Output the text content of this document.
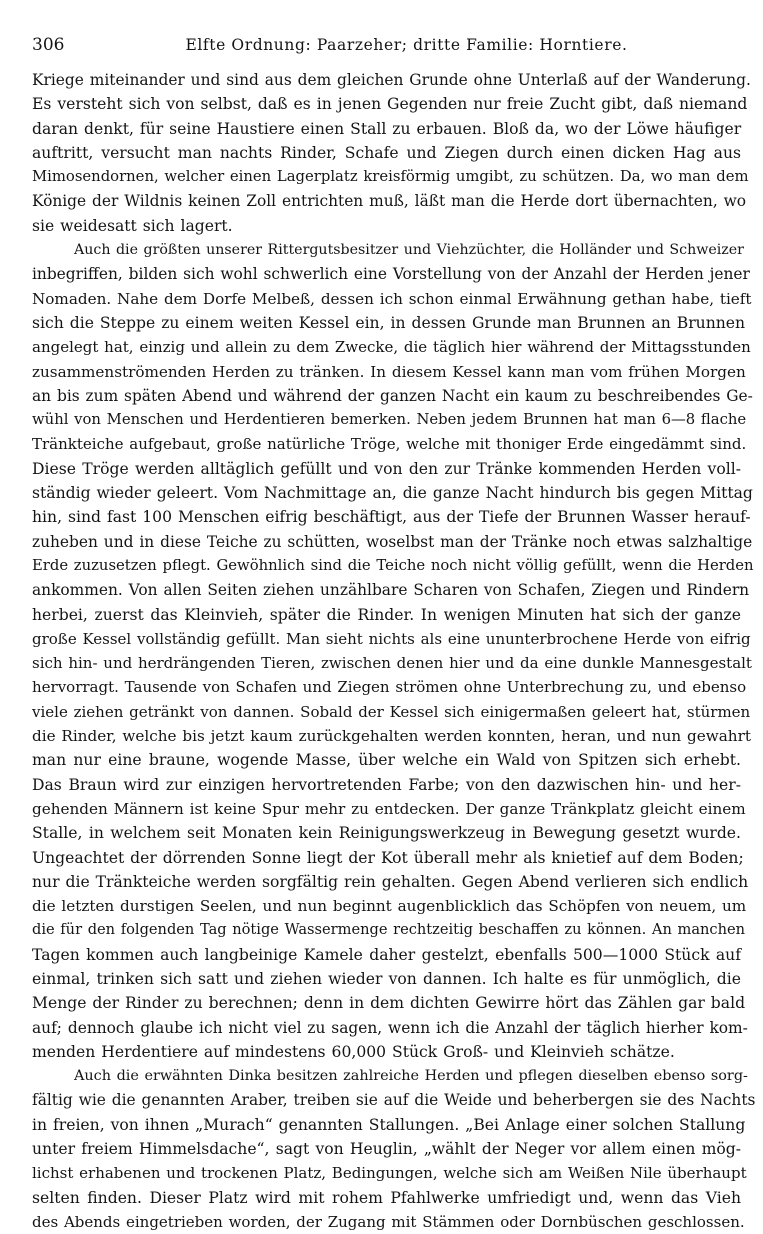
306	Elfte Ordnung: Paarzeher; dritte Familie: Horntiere.
Kriege miteinander und sind aus dem gleichen Grunde ohne Unterlaß auf der Wanderung.
Es versteht sich von selbst, daß es in jenen Gegenden nur freie Zucht gibt, daß niemand
daran denkt, für seine Haustiere einen Stall zu erbauen. Bloß da, wo der Löwe häufiger
auftritt, versucht man nachts Rinder, Schafe und Ziegen durch einen dicken Hag aus
Mimosendornen, welcher einen Lagerplatz kreisförmig umgibt, zu schützen. Da, wo man dem
Könige der Wildnis keinen Zoll entrichten muß, läßt man die Herde dort übernachten, wo
sie weidesatt sich lagert.
Auch die größten unserer Rittergutsbesitzer und Viehzüchter, die Holländer und Schweizer
inbegriffen, bilden sich wohl schwerlich eine Vorstellung von der Anzahl der Herden jener
Nomaden. Nahe dem Dorfe Melbeß, dessen ich schon einmal Erwähnung gethan habe, tieft
sich die Steppe zu einem weiten Kessel ein, in dessen Grunde man Brunnen an Brunnen
angelegt hat, einzig und allein zu dem Zwecke, die täglich hier während der Mittagsstunden
zusammenströmenden Herden zu tränken. In diesem Kessel kann man vom frühen Morgen
an bis zum späten Abend und während der ganzen Nacht ein kaum zu beschreibendes Ge-
wühl von Menschen und Herdentieren bemerken. Neben jedem Brunnen hat man 6—8 flache
Tränkteiche aufgebaut, große natürliche Tröge, welche mit thoniger Erde eingedämmt sind.
Diese Tröge werden alltäglich gefüllt und von den zur Tränke kommenden Herden voll-
ständig wieder geleert. Vom Nachmittage an, die ganze Nacht hindurch bis gegen Mittag
hin, sind fast 100 Menschen eifrig beschäftigt, aus der Tiefe der Brunnen Wasser herauf-
zuheben und in diese Teiche zu schütten, woselbst man der Tränke noch etwas salzhaltige
Erde zuzusetzen pflegt. Gewöhnlich sind die Teiche noch nicht völlig gefüllt, wenn die Herden
ankommen. Von allen Seiten ziehen unzählbare Scharen von Schafen, Ziegen und Rindern
herbei, zuerst das Kleinvieh, später die Rinder. In wenigen Minuten hat sich der ganze
große Kessel vollständig gefüllt. Man sieht nichts als eine ununterbrochene Herde von eifrig
sich hin- und herdrängenden Tieren, zwischen denen hier und da eine dunkle Mannesgestalt
hervorragt. Tausende von Schafen und Ziegen strömen ohne Unterbrechung zu, und ebenso
viele ziehen getränkt von dannen. Sobald der Kessel sich einigermaßen geleert hat, stürmen
die Rinder, welche bis jetzt kaum zurückgehalten werden konnten, heran, und nun gewahrt
man nur eine braune, wogende Masse, über welche ein Wald von Spitzen sich erhebt.
Das Braun wird zur einzigen hervortretenden Farbe; von den dazwischen hin- und her-
gehenden Männern ist keine Spur mehr zu entdecken. Der ganze Tränkplatz gleicht einem
Stalle, in welchem seit Monaten kein Reinigungswerkzeug in Bewegung gesetzt wurde.
Ungeachtet der dörrenden Sonne liegt der Kot überall mehr als knietief auf dem Boden;
nur die Tränkteiche werden sorgfältig rein gehalten. Gegen Abend verlieren sich endlich
die letzten durstigen Seelen, und nun beginnt augenblicklich das Schöpfen von neuem, um
die für den folgenden Tag nötige Wassermenge rechtzeitig beschaffen zu können. An manchen
Tagen kommen auch langbeinige Kamele daher gestelzt, ebenfalls 500—1000 Stück auf
einmal, trinken sich satt und ziehen wieder von dannen. Ich halte es für unmöglich, die
Menge der Rinder zu berechnen; denn in dem dichten Gewirre hört das Zählen gar bald
auf; dennoch glaube ich nicht viel zu sagen, wenn ich die Anzahl der täglich hierher kom-
menden Herdentiere auf mindestens 60,000 Stück Groß- und Kleinvieh schätze.
Auch die erwähnten Dinka besitzen zahlreiche Herden und pflegen dieselben ebenso sorg-
fältig wie die genannten Araber, treiben sie auf die Weide und beherbergen sie des Nachts
in freien, von ihnen „Murach“ genannten Stallungen. „Bei Anlage einer solchen Stallung
unter freiem Himmelsdache“, sagt von Heuglin, „wählt der Neger vor allem einen mög-
lichst erhabenen und trockenen Platz, Bedingungen, welche sich am Weißen Nile überhaupt
selten finden. Dieser Platz wird mit rohem Pfahlwerke umfriedigt und, wenn das Vieh
des Abends eingetrieben worden, der Zugang mit Stämmen oder Dornbüschen geschlossen.
